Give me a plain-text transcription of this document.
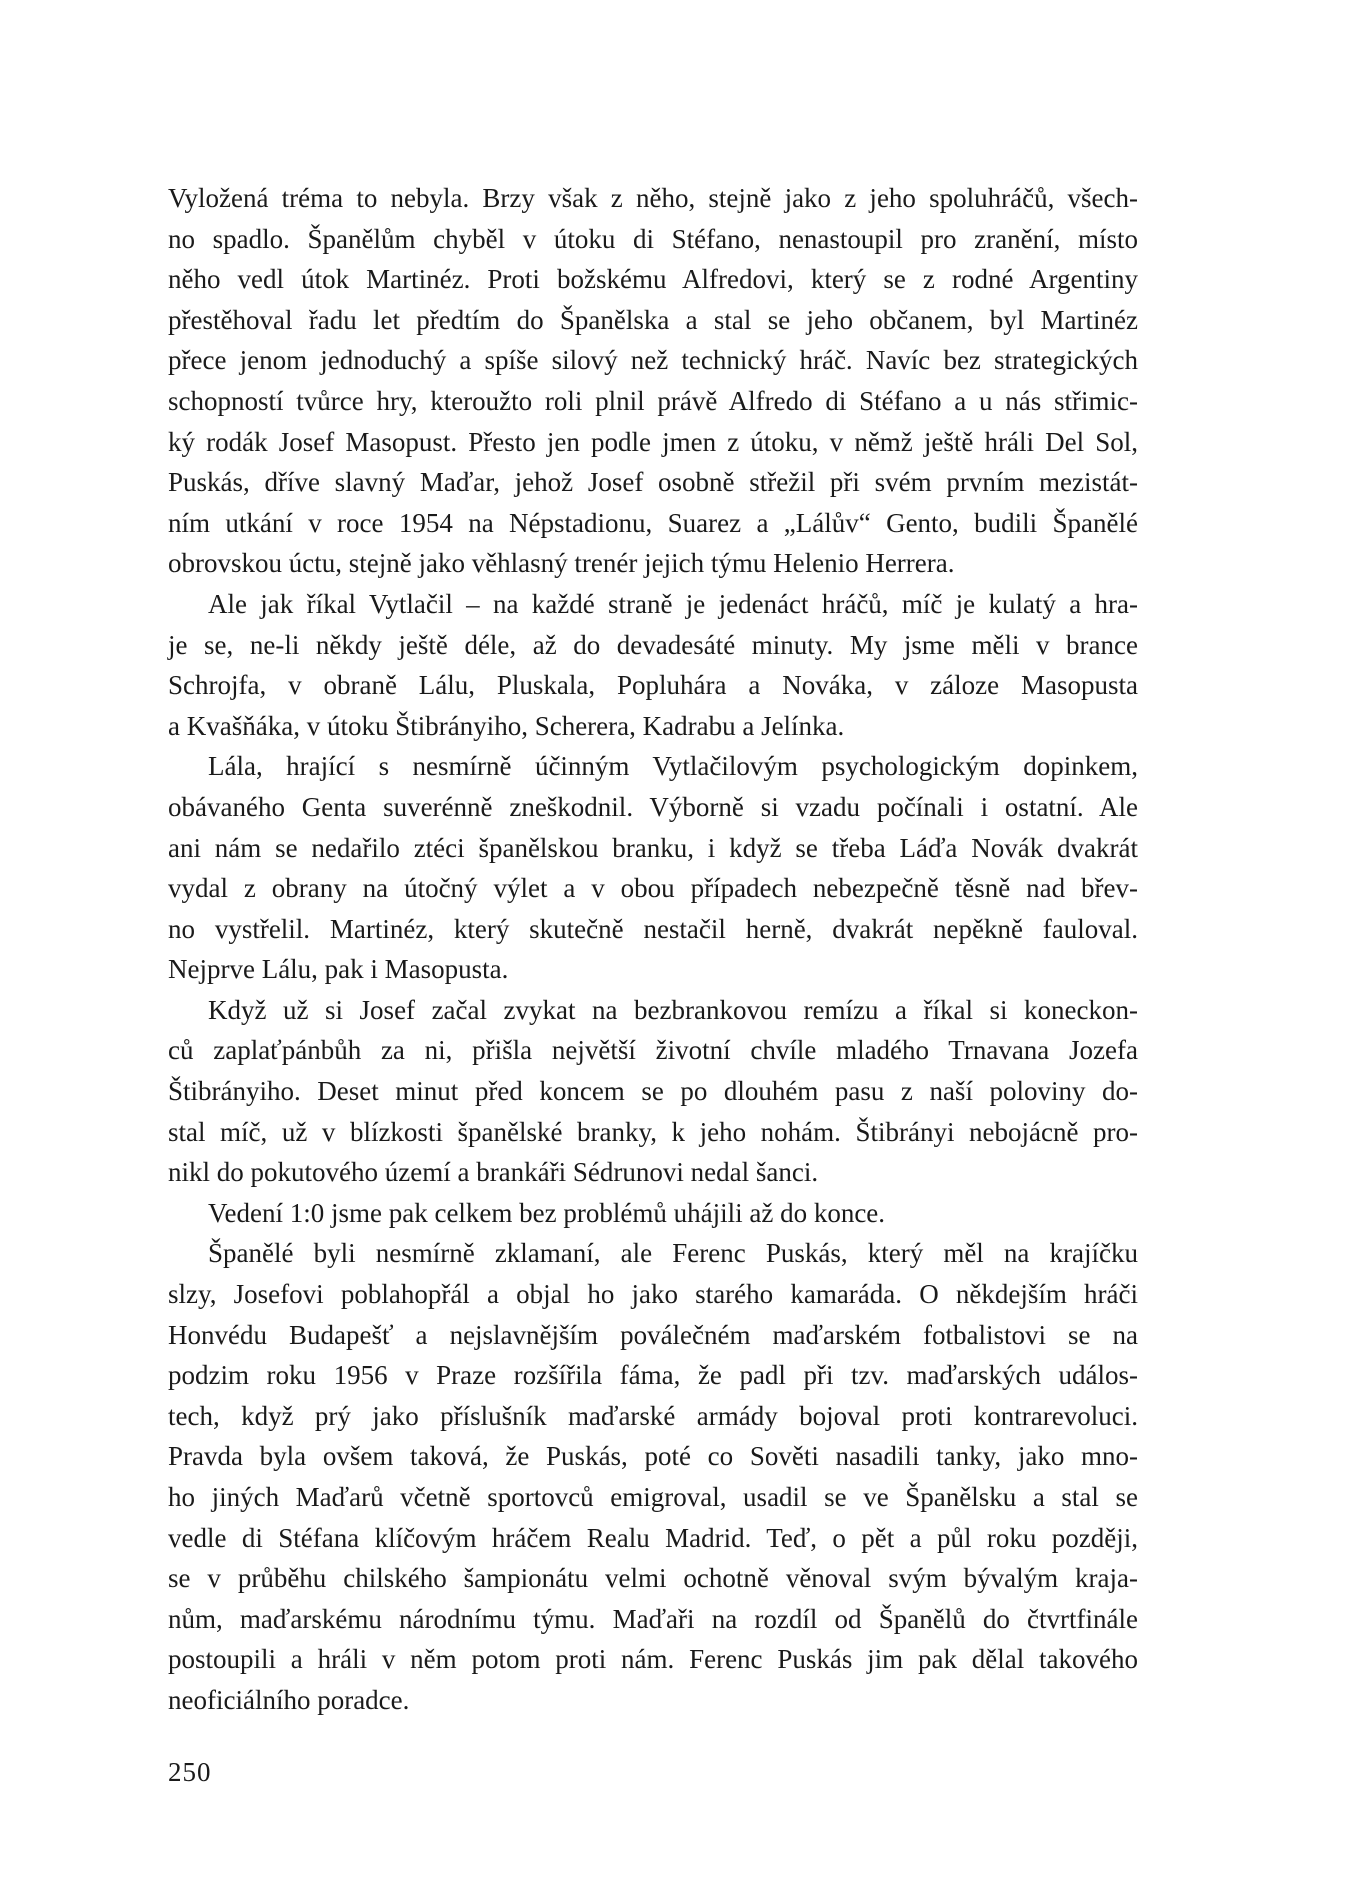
Vyložená tréma to nebyla. Brzy však z něho, stejně jako z jeho spoluhráčů, všech-
no spadlo. Španělům chyběl v útoku di Stéfano, nenastoupil pro zranění, místo
něho vedl útok Martinéz. Proti božskému Alfredovi, který se z rodné Argentiny
přestěhoval řadu let předtím do Španělska a stal se jeho občanem, byl Martinéz
přece jenom jednoduchý a spíše silový než technický hráč. Navíc bez strategických
schopností tvůrce hry, kteroužto roli plnil právě Alfredo di Stéfano a u nás střimic-
ký rodák Josef Masopust. Přesto jen podle jmen z útoku, v němž ještě hráli Del Sol,
Puskás, dříve slavný Maďar, jehož Josef osobně střežil při svém prvním mezistát-
ním utkání v roce 1954 na Népstadionu, Suarez a „Lálův“ Gento, budili Španělé
obrovskou úctu, stejně jako věhlasný trenér jejich týmu Helenio Herrera.
Ale jak říkal Vytlačil – na každé straně je jedenáct hráčů, míč je kulatý a hra-
je se, ne-li někdy ještě déle, až do devadesáté minuty. My jsme měli v brance
Schrojfa, v obraně Lálu, Pluskala, Popluhára a Nováka, v záloze Masopusta
a Kvašňáka, v útoku Štibrányiho, Scherera, Kadrabu a Jelínka.
Lála, hrající s nesmírně účinným Vytlačilovým psychologickým dopinkem,
obávaného Genta suverénně zneškodnil. Výborně si vzadu počínali i ostatní. Ale
ani nám se nedařilo ztéci španělskou branku, i když se třeba Láďa Novák dvakrát
vydal z obrany na útočný výlet a v obou případech nebezpečně těsně nad břev-
no vystřelil. Martinéz, který skutečně nestačil herně, dvakrát nepěkně fauloval.
Nejprve Lálu, pak i Masopusta.
Když už si Josef začal zvykat na bezbrankovou remízu a říkal si koneckon-
ců zaplaťpánbůh za ni, přišla největší životní chvíle mladého Trnavana Jozefa
Štibrányiho. Deset minut před koncem se po dlouhém pasu z naší poloviny do-
stal míč, už v blízkosti španělské branky, k jeho nohám. Štibrányi nebojácně pro-
nikl do pokutového území a brankáři Sédrunovi nedal šanci.
Vedení 1:0 jsme pak celkem bez problémů uhájili až do konce.
Španělé byli nesmírně zklamaní, ale Ferenc Puskás, který měl na krajíčku
slzy, Josefovi poblahopřál a objal ho jako starého kamaráda. O někdejším hráči
Honvédu Budapešť a nejslavnějším poválečném maďarském fotbalistovi se na
podzim roku 1956 v Praze rozšířila fáma, že padl při tzv. maďarských událos-
tech, když prý jako příslušník maďarské armády bojoval proti kontrarevoluci.
Pravda byla ovšem taková, že Puskás, poté co Sověti nasadili tanky, jako mno-
ho jiných Maďarů včetně sportovců emigroval, usadil se ve Španělsku a stal se
vedle di Stéfana klíčovým hráčem Realu Madrid. Teď, o pět a půl roku později,
se v průběhu chilského šampionátu velmi ochotně věnoval svým bývalým kraja-
nům, maďarskému národnímu týmu. Maďaři na rozdíl od Španělů do čtvrtfinále
postoupili a hráli v něm potom proti nám. Ferenc Puskás jim pak dělal takového
neoficiálního poradce.
250
